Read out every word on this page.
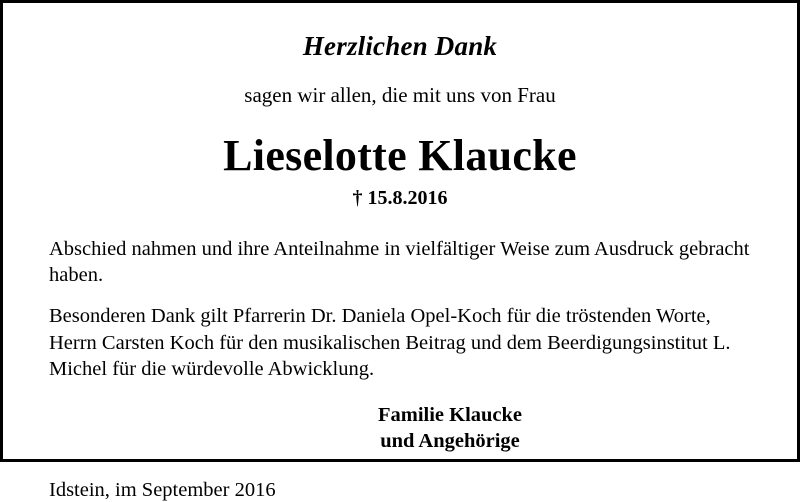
Herzlichen Dank
sagen wir allen, die mit uns von Frau
Lieselotte Klaucke
† 15.8.2016
Abschied nahmen und ihre Anteilnahme in vielfältiger Weise zum Ausdruck gebracht haben.
Besonderen Dank gilt Pfarrerin Dr. Daniela Opel-Koch für die tröstenden Worte, Herrn Carsten Koch für den musikalischen Beitrag und dem Beerdigungsinstitut L. Michel für die würdevolle Abwicklung.
Familie Klaucke
und Angehörige
Idstein, im September 2016
